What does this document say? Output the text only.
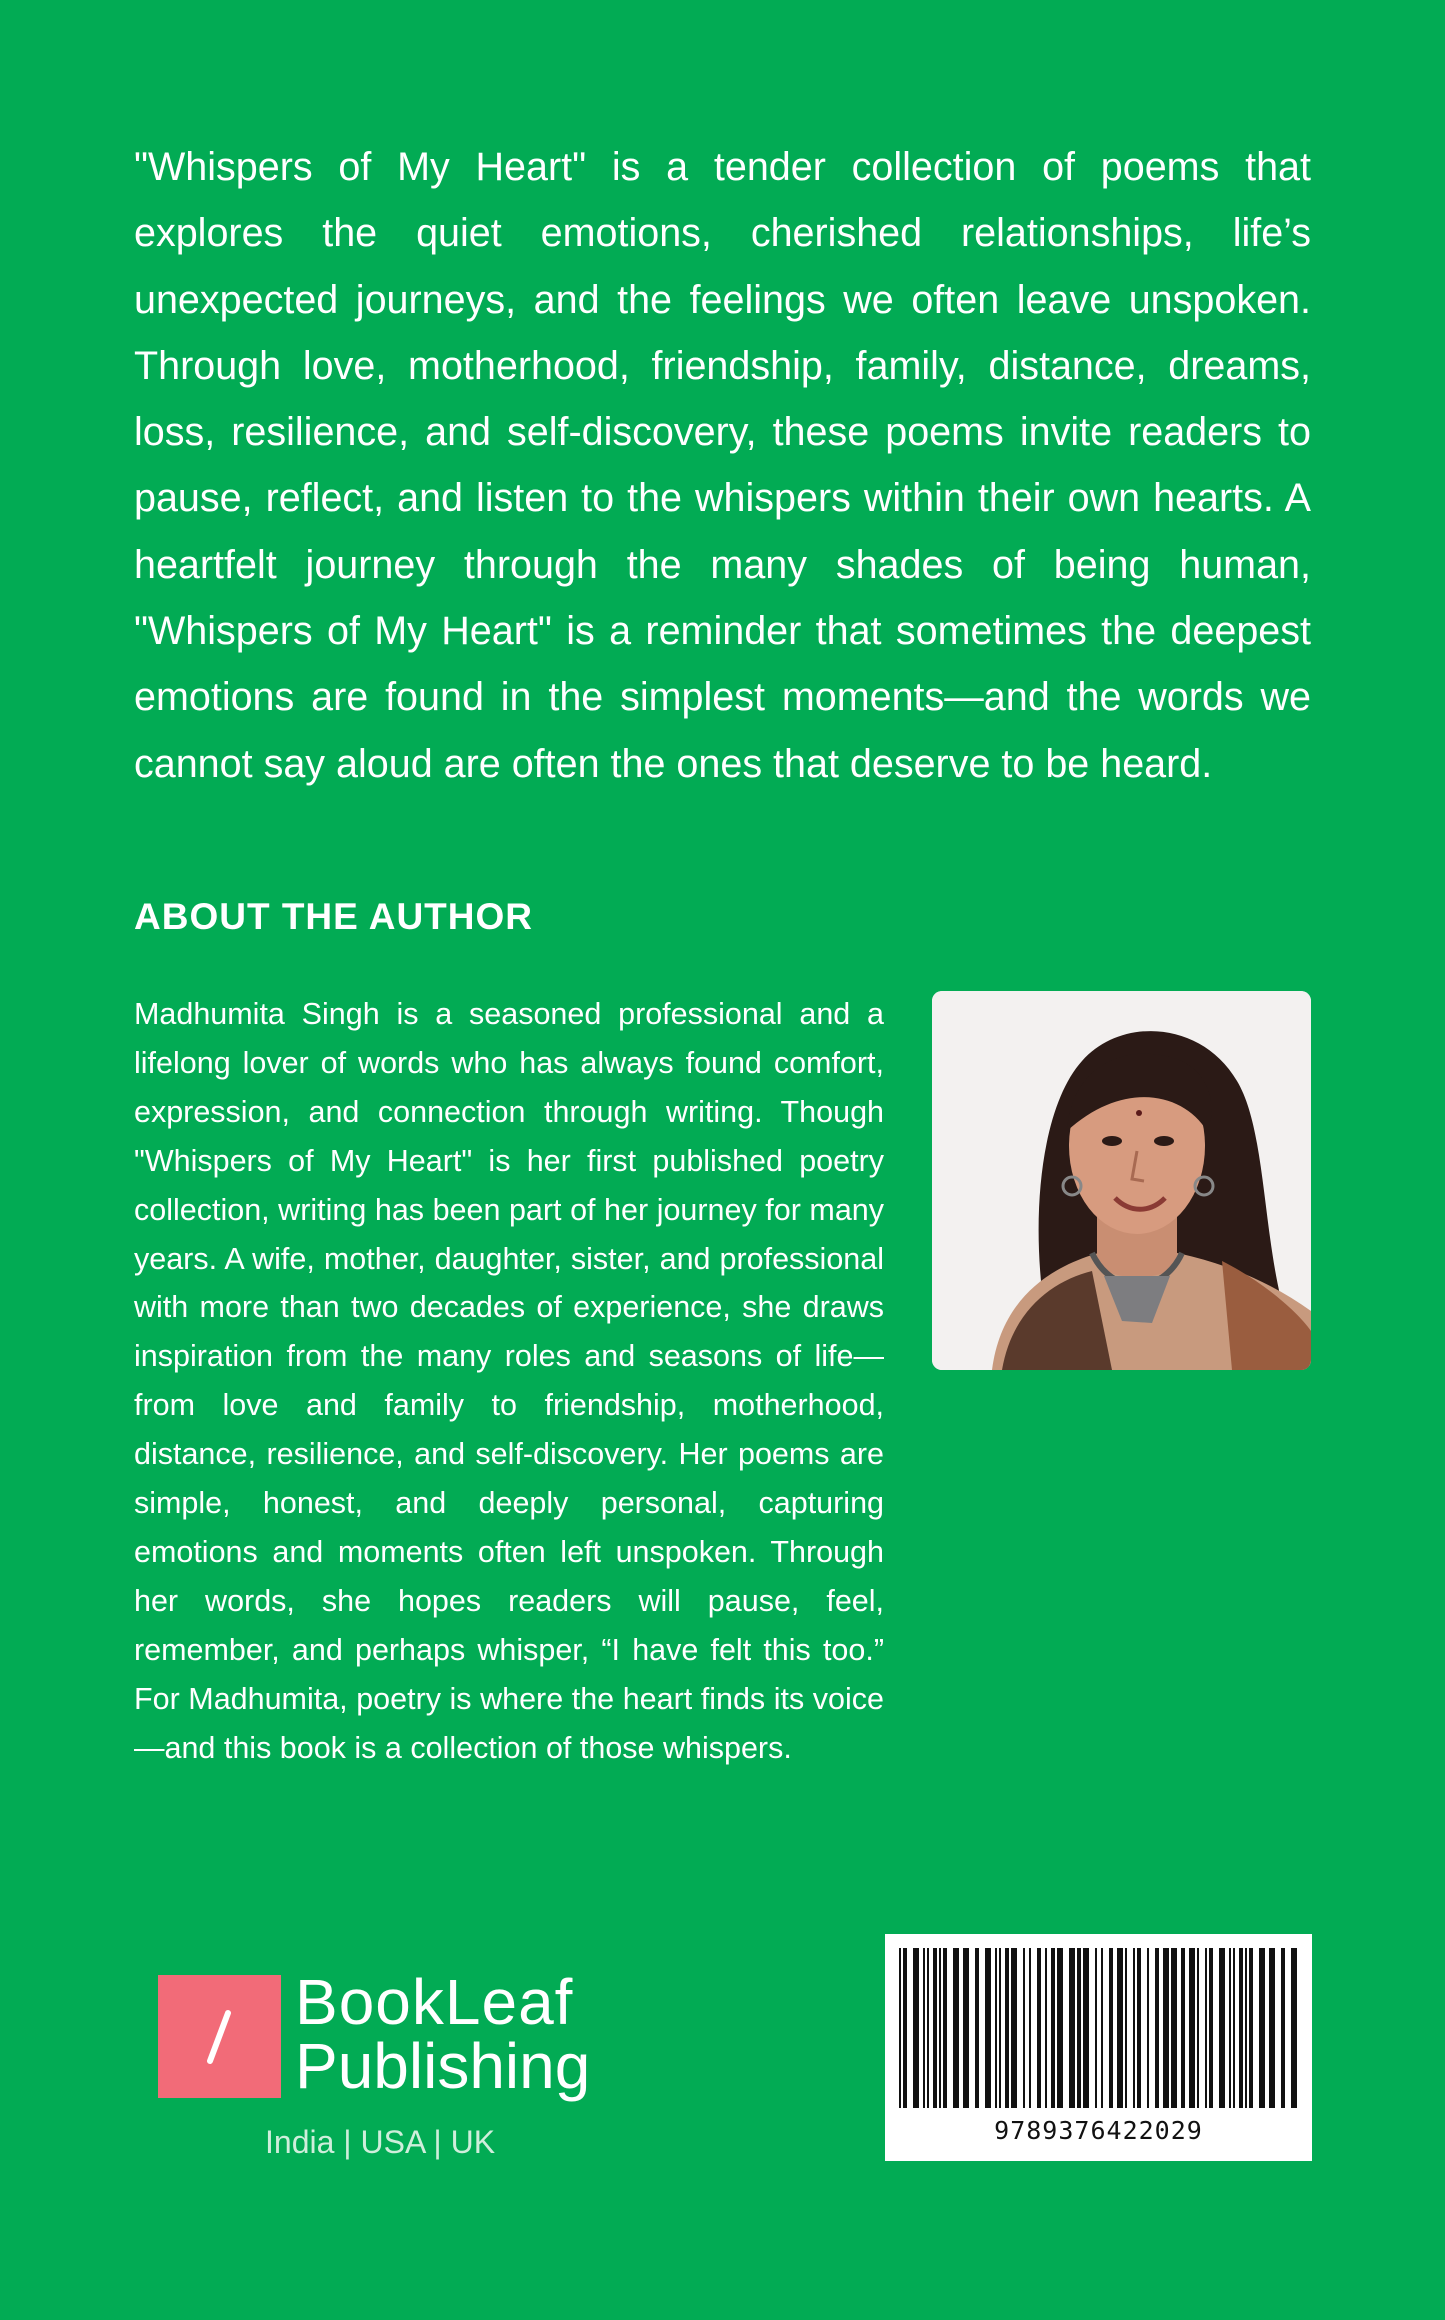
"Whispers of My Heart" is a tender collection of poems that explores the quiet emotions, cherished relationships, life’s unexpected journeys, and the feelings we often leave unspoken. Through love, motherhood, friendship, family, distance, dreams, loss, resilience, and self-discovery, these poems invite readers to pause, reflect, and listen to the whispers within their own hearts. A heartfelt journey through the many shades of being human, "Whispers of My Heart" is a reminder that sometimes the deepest emotions are found in the simplest moments—and the words we cannot say aloud are often the ones that deserve to be heard.

ABOUT THE AUTHOR

Madhumita Singh is a seasoned professional and a lifelong lover of words who has always found comfort, expression, and connection through writing. Though "Whispers of My Heart" is her first published poetry collection, writing has been part of her journey for many years. A wife, mother, daughter, sister, and professional with more than two decades of experience, she draws inspiration from the many roles and seasons of life—from love and family to friendship, motherhood, distance, resilience, and self-discovery. Her poems are simple, honest, and deeply personal, capturing emotions and moments often left unspoken. Through her words, she hopes readers will pause, feel, remember, and perhaps whisper, “I have felt this too.” For Madhumita, poetry is where the heart finds its voice—and this book is a collection of those whispers.

BookLeaf
Publishing
India | USA | UK	9789376422029
